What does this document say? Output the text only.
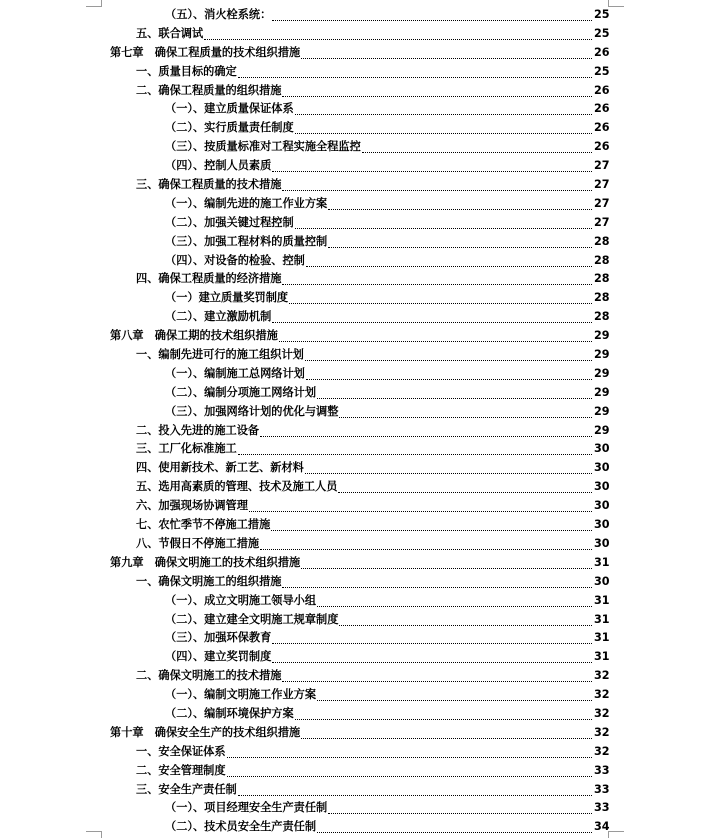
（五）、消火栓系统：	25
五、联合调试	25
第七章　确保工程质量的技术组织措施	26
一、质量目标的确定	25
二、确保工程质量的组织措施	26
（一）、建立质量保证体系	26
（二）、实行质量责任制度	26
（三）、按质量标准对工程实施全程监控	26
（四）、控制人员素质	27
三、确保工程质量的技术措施	27
（一）、编制先进的施工作业方案	27
（二）、加强关键过程控制	27
（三）、加强工程材料的质量控制	28
（四）、对设备的检验、控制	28
四、确保工程质量的经济措施	28
（一）建立质量奖罚制度	28
（二）、建立激励机制	28
第八章　确保工期的技术组织措施	29
一、编制先进可行的施工组织计划	29
（一）、编制施工总网络计划	29
（二）、编制分项施工网络计划	29
（三）、加强网络计划的优化与调整	29
二、投入先进的施工设备	29
三、工厂化标准施工	30
四、使用新技术、新工艺、新材料	30
五、选用高素质的管理、技术及施工人员	30
六、加强现场协调管理	30
七、农忙季节不停施工措施	30
八、节假日不停施工措施	30
第九章　确保文明施工的技术组织措施	31
一、确保文明施工的组织措施	30
（一）、成立文明施工领导小组	31
（二）、建立建全文明施工规章制度	31
（三）、加强环保教育	31
（四）、建立奖罚制度	31
二、确保文明施工的技术措施	32
（一）、编制文明施工作业方案	32
（二）、编制环境保护方案	32
第十章　确保安全生产的技术组织措施	32
一、安全保证体系	32
二、安全管理制度	33
三、安全生产责任制	33
（一）、项目经理安全生产责任制	33
（二）、技术员安全生产责任制	34
